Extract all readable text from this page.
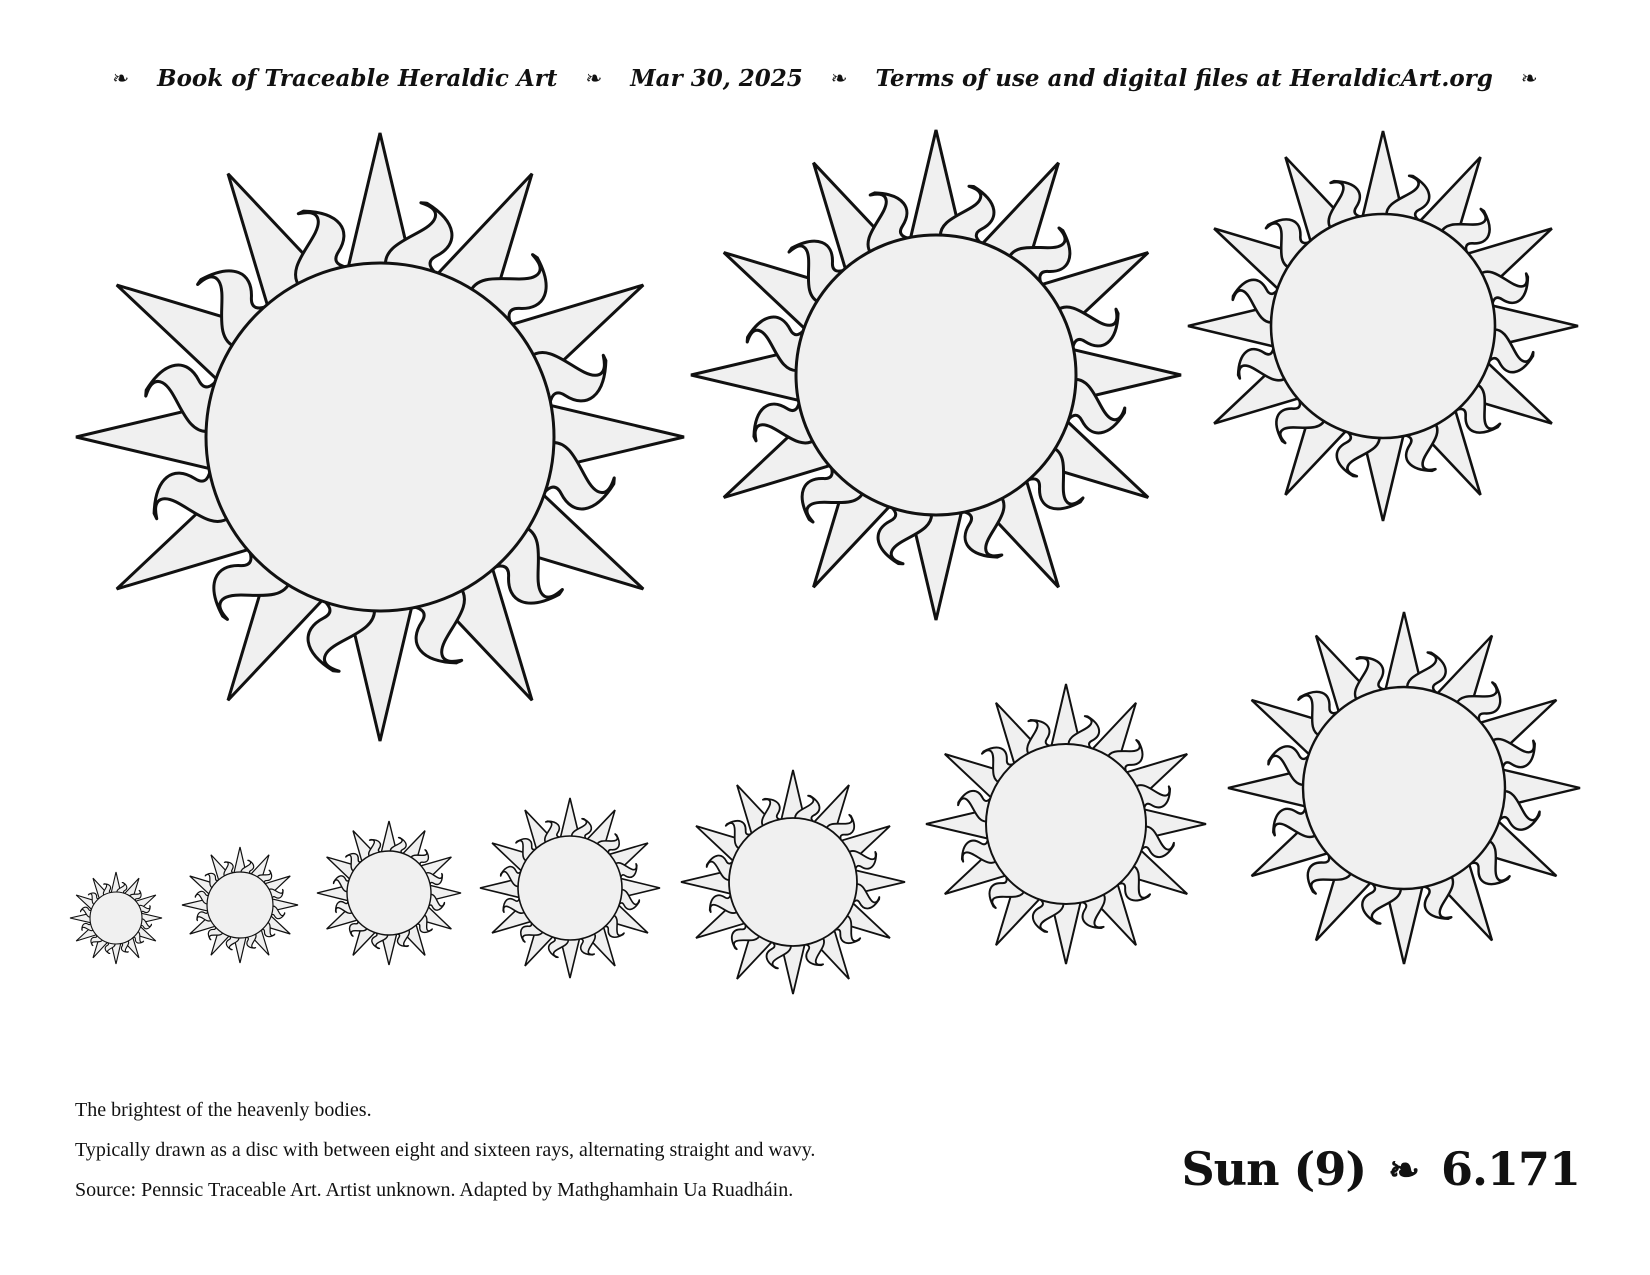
❧ Book of Traceable Heraldic Art ❧ Mar 30, 2025 ❧ Terms of use and digital files at HeraldicArt.org ❧

The brightest of the heavenly bodies.

Typically drawn as a disc with between eight and sixteen rays, alternating straight and wavy.

Source: Pennsic Traceable Art. Artist unknown. Adapted by Mathghamhain Ua Ruadháin.	Sun (9) ❧ 6.171
